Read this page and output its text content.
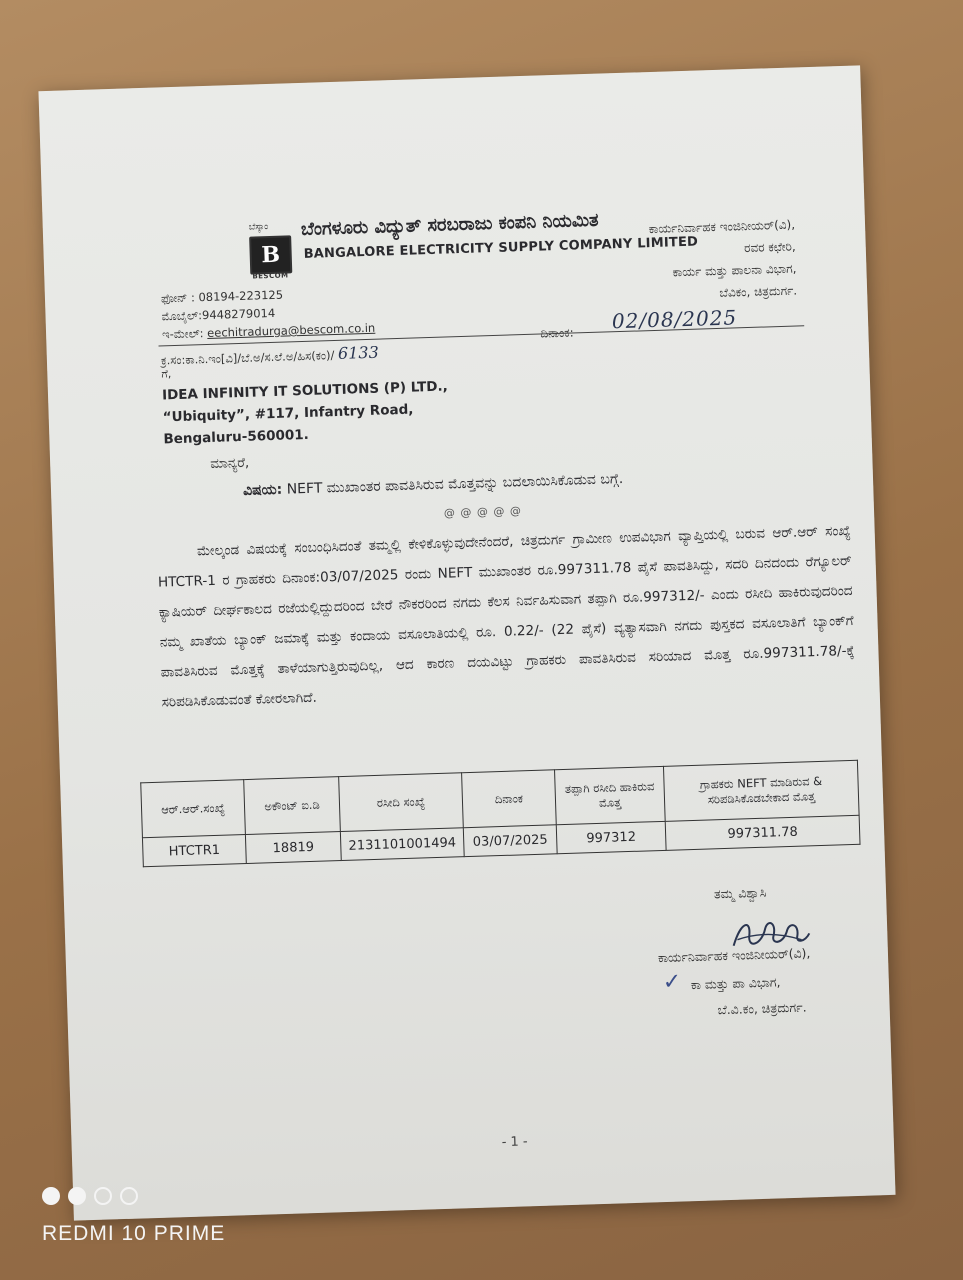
ಬೆಸ್ಕಾಂ
B
BESCOM
ಬೆಂಗಳೂರು ವಿದ್ಯುತ್ ಸರಬರಾಜು ಕಂಪನಿ ನಿಯಮಿತ
BANGALORE ELECTRICITY SUPPLY COMPANY LIMITED
ಕಾರ್ಯನಿರ್ವಾಹಕ ಇಂಜಿನೀಯರ್(ವಿ),
ರವರ ಕಛೇರಿ,
ಕಾರ್ಯ ಮತ್ತು ಪಾಲನಾ ವಿಭಾಗ,
ಬೆವಿಕಂ, ಚಿತ್ರದುರ್ಗ.
ಫೋನ್ : 08194-223125
ಮೊಬೈಲ್:9448279014
ಇ-ಮೇಲ್: eechitradurga@bescom.co.in
ಕ್ರ.ಸಂ:ಕಾ.ನಿ.ಇಂ[ವಿ]/ಬೆ.ಅ/ಸ.ಲೆ.ಅ/ಹಿಸ(ಕಂ)/ 6133
ದಿನಾಂಕ: 02/08/2025
ಗೆ,
IDEA INFINITY IT SOLUTIONS (P) LTD.,
“Ubiquity”, #117, Infantry Road,
Bengaluru-560001.
ಮಾನ್ಯರೆ,
ವಿಷಯ: NEFT ಮುಖಾಂತರ ಪಾವತಿಸಿರುವ ಮೊತ್ತವನ್ನು ಬದಲಾಯಿಸಿಕೊಡುವ ಬಗ್ಗೆ.
@ @ @ @ @

ಮೇಲ್ಕಂಡ ವಿಷಯಕ್ಕೆ ಸಂಬಂಧಿಸಿದಂತೆ ತಮ್ಮಲ್ಲಿ ಕೇಳಿಕೊಳ್ಳುವುದೇನೆಂದರೆ, ಚಿತ್ರದುರ್ಗ ಗ್ರಾಮೀಣ ಉಪವಿಭಾಗ ವ್ಯಾಪ್ತಿಯಲ್ಲಿ ಬರುವ ಆರ್.ಆರ್ ಸಂಖ್ಯೆ HTCTR-1 ರ ಗ್ರಾಹಕರು ದಿನಾಂಕ:03/07/2025 ರಂದು NEFT ಮುಖಾಂತರ ರೂ.997311.78 ಪೈಸೆ ಪಾವತಿಸಿದ್ದು, ಸದರಿ ದಿನದಂದು ರೆಗ್ಯೂಲರ್ ಕ್ಯಾಷಿಯರ್ ದೀರ್ಘಕಾಲದ ರಜೆಯಲ್ಲಿದ್ದುದರಿಂದ ಬೇರೆ ನೌಕರರಿಂದ ನಗದು ಕೆಲಸ ನಿರ್ವಹಿಸುವಾಗ ತಪ್ಪಾಗಿ ರೂ.997312/- ಎಂದು ರಸೀದಿ ಹಾಕಿರುವುದರಿಂದ ನಮ್ಮ ಖಾತೆಯ ಬ್ಯಾಂಕ್ ಜಮಾಕ್ಕೆ ಮತ್ತು ಕಂದಾಯ ವಸೂಲಾತಿಯಲ್ಲಿ ರೂ. 0.22/- (22 ಪೈಸೆ) ವ್ಯತ್ಯಾಸವಾಗಿ ನಗದು ಪುಸ್ತಕದ ವಸೂಲಾತಿಗೆ ಬ್ಯಾಂಕ್‌ಗೆ ಪಾವತಿಸಿರುವ ಮೊತ್ತಕ್ಕೆ ತಾಳೆಯಾಗುತ್ತಿರುವುದಿಲ್ಲ, ಆದ ಕಾರಣ ದಯವಿಟ್ಟು ಗ್ರಾಹಕರು ಪಾವತಿಸಿರುವ ಸರಿಯಾದ ಮೊತ್ತ ರೂ.997311.78/-ಕ್ಕೆ ಸರಿಪಡಿಸಿಕೊಡುವಂತೆ ಕೋರಲಾಗಿದೆ.

ಆರ್.ಆರ್.ಸಂಖ್ಯೆ	ಅಕೌಂಟ್ ಐ.ಡಿ	ರಸೀದಿ ಸಂಖ್ಯೆ	ದಿನಾಂಕ	ತಪ್ಪಾಗಿ ರಸೀದಿ ಹಾಕಿರುವ ಮೊತ್ತ	ಗ್ರಾಹಕರು NEFT ಮಾಡಿರುವ & ಸರಿಪಡಿಸಿಕೊಡಬೇಕಾದ ಮೊತ್ತ
HTCTR1	18819	2131101001494	03/07/2025	997312	997311.78
ತಮ್ಮ ವಿಶ್ವಾಸಿ
ಕಾರ್ಯನಿರ್ವಾಹಕ ಇಂಜಿನೀಯರ್(ವಿ),
✓ ಕಾ ಮತ್ತು ಪಾ ವಿಭಾಗ,
ಬೆ.ವಿ.ಕಂ, ಚಿತ್ರದುರ್ಗ.
- 1 -
REDMI 10 PRIME
